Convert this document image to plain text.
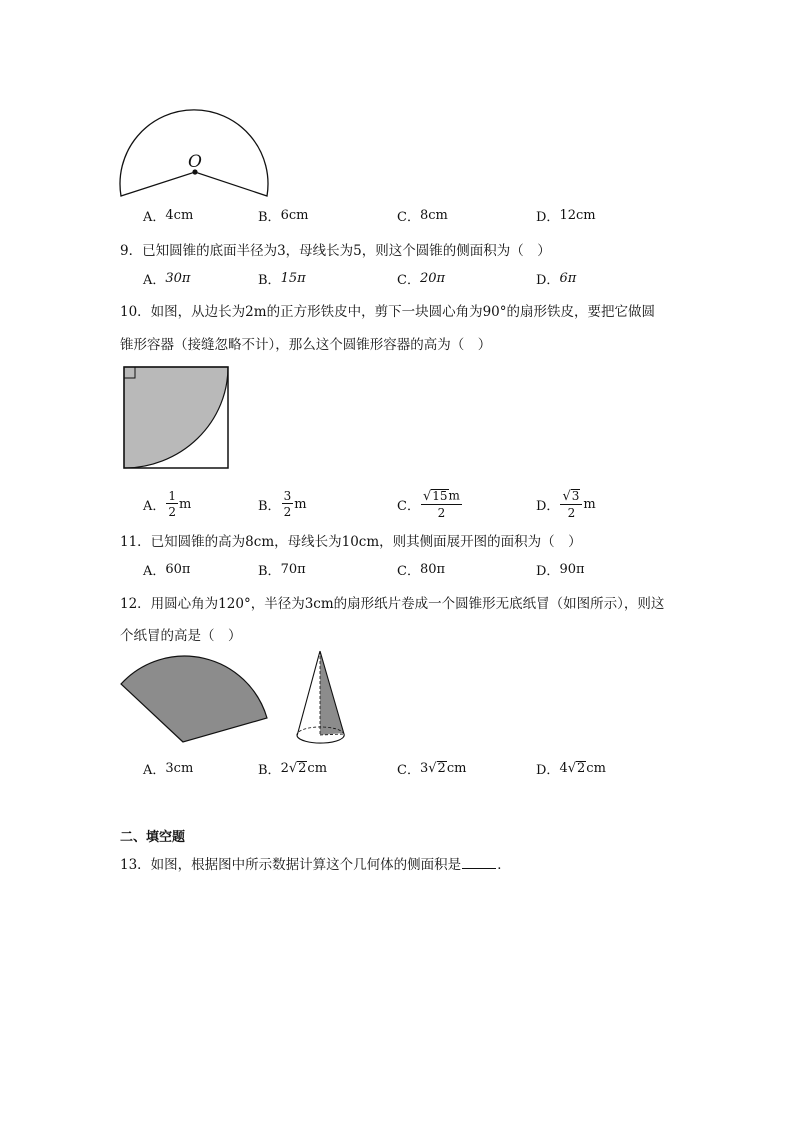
O
A． 4cm	B． 6cm	C． 8cm	D． 12cm
9．已知圆锥的底面半径为3，母线长为5，则这个圆锥的侧面积为（　）
A． 30π	B． 15π	C． 20π	D． 6π
10．如图，从边长为2m的正方形铁皮中，剪下一块圆心角为90°的扇形铁皮，要把它做圆
锥形容器（接缝忽略不计），那么这个圆锥形容器的高为（　）
A． $\frac{1}{2}$ m	B． $\frac{3}{2}$ m	C． $\frac{√ 15 m}{2}$	D． $\frac{√ 3}{2}$ m
11．已知圆锥的高为8cm，母线长为10cm，则其侧面展开图的面积为（　）
A． 60π	B． 70π	C． 80π	D． 90π
12．用圆心角为120°，半径为3cm的扇形纸片卷成一个圆锥形无底纸冒（如图所示），则这
个纸冒的高是（　）
A． 3cm	B． 2 √ 2 cm	C． 3 √ 2 cm	D． 4 √ 2 cm
二、填空题
13．如图，根据图中所示数据计算这个几何体的侧面积是	．
